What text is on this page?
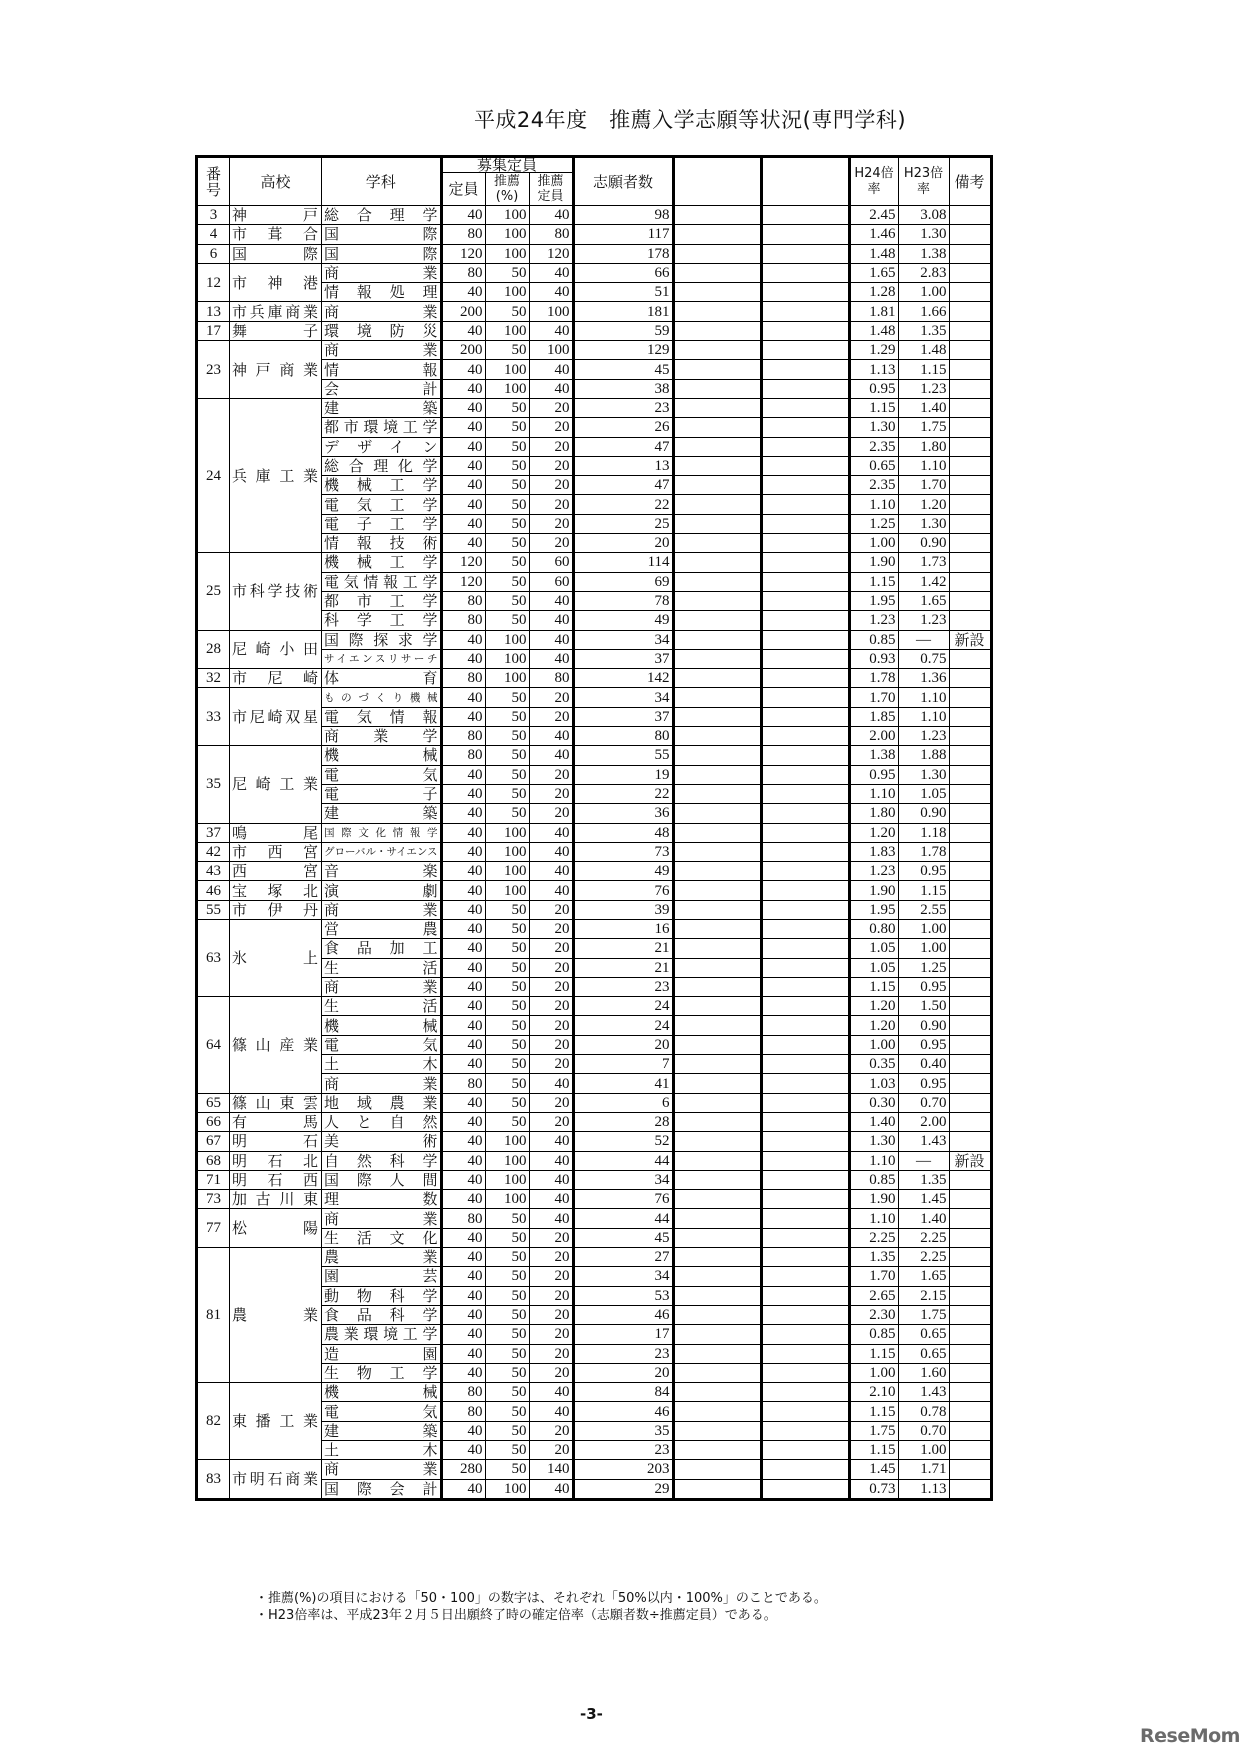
平成24年度　推薦入学志願等状況(専門学科)
番号	高校	学科	募集定員			志願者数			H24倍率	H23倍率	備考
			定員	推薦(%)	推薦定員						
3	神　　戸	総合理学	40	100	40	98			2.45	3.08	
4	市　葺　合	国　　際	80	100	80	117			1.46	1.30	
6	国　　際	国　　際	120	100	120	178			1.48	1.38	
12	市　神　港	商　　業	80	50	40	66			1.65	2.83	
		情報処理	40	100	40	51			1.28	1.00	
13	市兵庫商業	商　　業	200	50	100	181			1.81	1.66	
17	舞　　子	環境防災	40	100	40	59			1.48	1.35	
23	神戸商業	商　　業	200	50	100	129			1.29	1.48	
		情　　報	40	100	40	45			1.13	1.15	
		会　　計	40	100	40	38			0.95	1.23	
24	兵庫工業	建　　築	40	50	20	23			1.15	1.40	
		都市環境工学	40	50	20	26			1.30	1.75	
		デザイン	40	50	20	47			2.35	1.80	
		総合理化学	40	50	20	13			0.65	1.10	
		機械工学	40	50	20	47			2.35	1.70	
		電気工学	40	50	20	22			1.10	1.20	
		電子工学	40	50	20	25			1.25	1.30	
		情報技術	40	50	20	20			1.00	0.90	
25	市科学技術	機械工学	120	50	60	114			1.90	1.73	
		電気情報工学	120	50	60	69			1.15	1.42	
		都市工学	80	50	40	78			1.95	1.65	
		科学工学	80	50	40	49			1.23	1.23	
28	尼崎小田	国際探求学	40	100	40	34			0.85	—	新設
		サイエンスリサーチ	40	100	40	37			0.93	0.75	
32	市　尼　崎	体　　育	80	100	80	142			1.78	1.36	
33	市尼崎双星	ものづくり機械	40	50	20	34			1.70	1.10	
		電気情報	40	50	20	37			1.85	1.10	
		商業学	80	50	40	80			2.00	1.23	
35	尼崎工業	機　　械	80	50	40	55			1.38	1.88	
		電　　気	40	50	20	19			0.95	1.30	
		電　　子	40	50	20	22			1.10	1.05	
		建　　築	40	50	20	36			1.80	0.90	
37	鳴　　尾	国際文化情報学	40	100	40	48			1.20	1.18	
42	市　西　宮	グローバル・サイエンス	40	100	40	73			1.83	1.78	
43	西　　宮	音　　楽	40	100	40	49			1.23	0.95	
46	宝　塚　北	演　　劇	40	100	40	76			1.90	1.15	
55	市　伊　丹	商　　業	40	50	20	39			1.95	2.55	
63	氷　　上	営　　農	40	50	20	16			0.80	1.00	
		食品加工	40	50	20	21			1.05	1.00	
		生　　活	40	50	20	21			1.05	1.25	
		商　　業	40	50	20	23			1.15	0.95	
64	篠山産業	生　　活	40	50	20	24			1.20	1.50	
		機　　械	40	50	20	24			1.20	0.90	
		電　　気	40	50	20	20			1.00	0.95	
		土　　木	40	50	20	7			0.35	0.40	
		商　　業	80	50	40	41			1.03	0.95	
65	篠山東雲	地域農業	40	50	20	6			0.30	0.70	
66	有　　馬	人と自然	40	50	20	28			1.40	2.00	
67	明　　石	美　　術	40	100	40	52			1.30	1.43	
68	明　石　北	自然科学	40	100	40	44			1.10	—	新設
71	明　石　西	国際人間	40	100	40	34			0.85	1.35	
73	加古川東	理　　数	40	100	40	76			1.90	1.45	
77	松　　陽	商　　業	80	50	40	44			1.10	1.40	
		生活文化	40	50	20	45			2.25	2.25	
81	農　　業	農　　業	40	50	20	27			1.35	2.25	
		園　　芸	40	50	20	34			1.70	1.65	
		動物科学	40	50	20	53			2.65	2.15	
		食品科学	40	50	20	46			2.30	1.75	
		農業環境工学	40	50	20	17			0.85	0.65	
		造　　園	40	50	20	23			1.15	0.65	
		生物工学	40	50	20	20			1.00	1.60	
82	東播工業	機　　械	80	50	40	84			2.10	1.43	
		電　　気	80	50	40	46			1.15	0.78	
		建　　築	40	50	20	35			1.75	0.70	
		土　　木	40	50	20	23			1.15	1.00	
83	市明石商業	商　　業	280	50	140	203			1.45	1.71	
		国際会計	40	100	40	29			0.73	1.13	
・推薦(%)の項目における「50・100」の数字は、それぞれ「50%以内・100%」のことである。
・H23倍率は、平成23年２月５日出願終了時の確定倍率（志願者数÷推薦定員）である。
-3-
ReseMom
